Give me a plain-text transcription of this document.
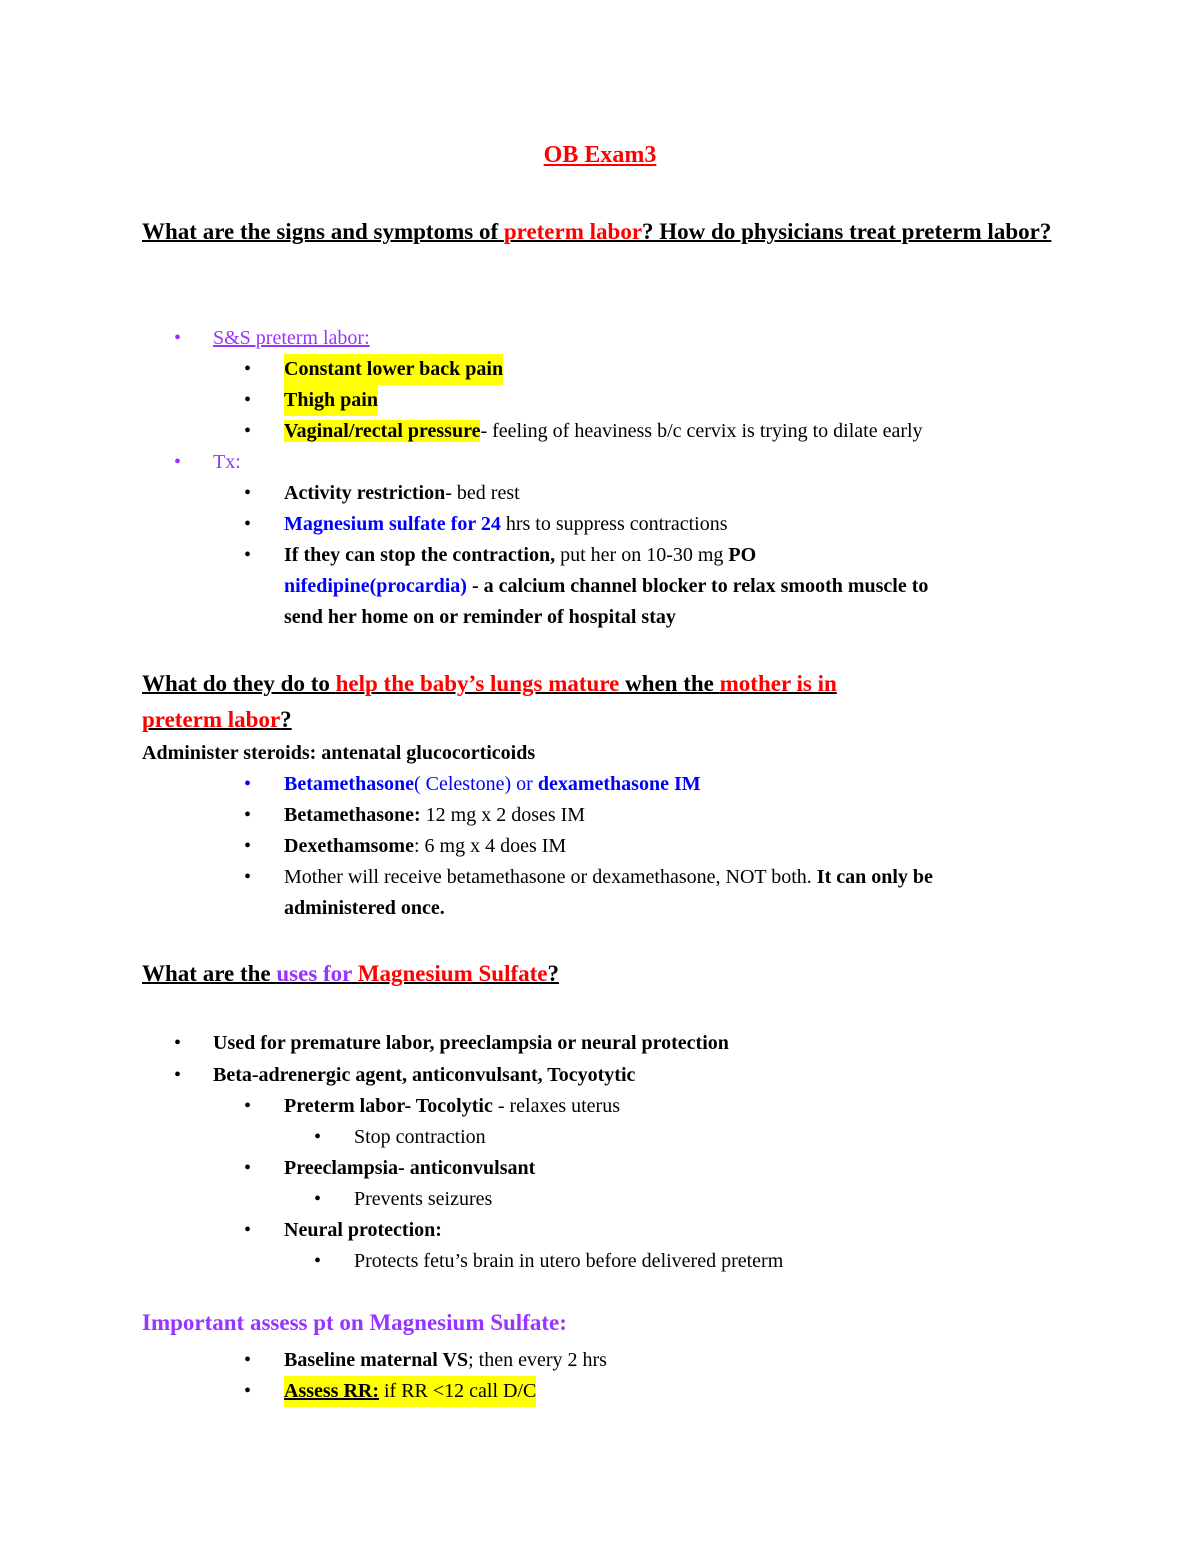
OB Exam3
What are the signs and symptoms of preterm labor? How do physicians treat preterm labor?
• S&S preterm labor:
• Constant lower back pain
• Thigh pain
• Vaginal/rectal pressure- feeling of heaviness b/c cervix is trying to dilate early
• Tx:
• Activity restriction- bed rest
• Magnesium sulfate for 24 hrs to suppress contractions
• If they can stop the contraction, put her on 10-30 mg PO
nifedipine(procardia) - a calcium channel blocker to relax smooth muscle to
send her home on or reminder of hospital stay
What do they do to help the baby’s lungs mature when the mother is in
preterm labor?
Administer steroids: antenatal glucocorticoids
• Betamethasone( Celestone) or dexamethasone IM
• Betamethasone: 12 mg x 2 doses IM
• Dexethamsome: 6 mg x 4 does IM
• Mother will receive betamethasone or dexamethasone, NOT both. It can only be
administered once.
What are the uses for Magnesium Sulfate?
• Used for premature labor, preeclampsia or neural protection
• Beta-adrenergic agent, anticonvulsant, Tocyotytic
• Preterm labor- Tocolytic - relaxes uterus
• Stop contraction
• Preeclampsia- anticonvulsant
• Prevents seizures
• Neural protection:
• Protects fetu’s brain in utero before delivered preterm
Important assess pt on Magnesium Sulfate:
• Baseline maternal VS; then every 2 hrs
• Assess RR: if RR <12 call D/C
